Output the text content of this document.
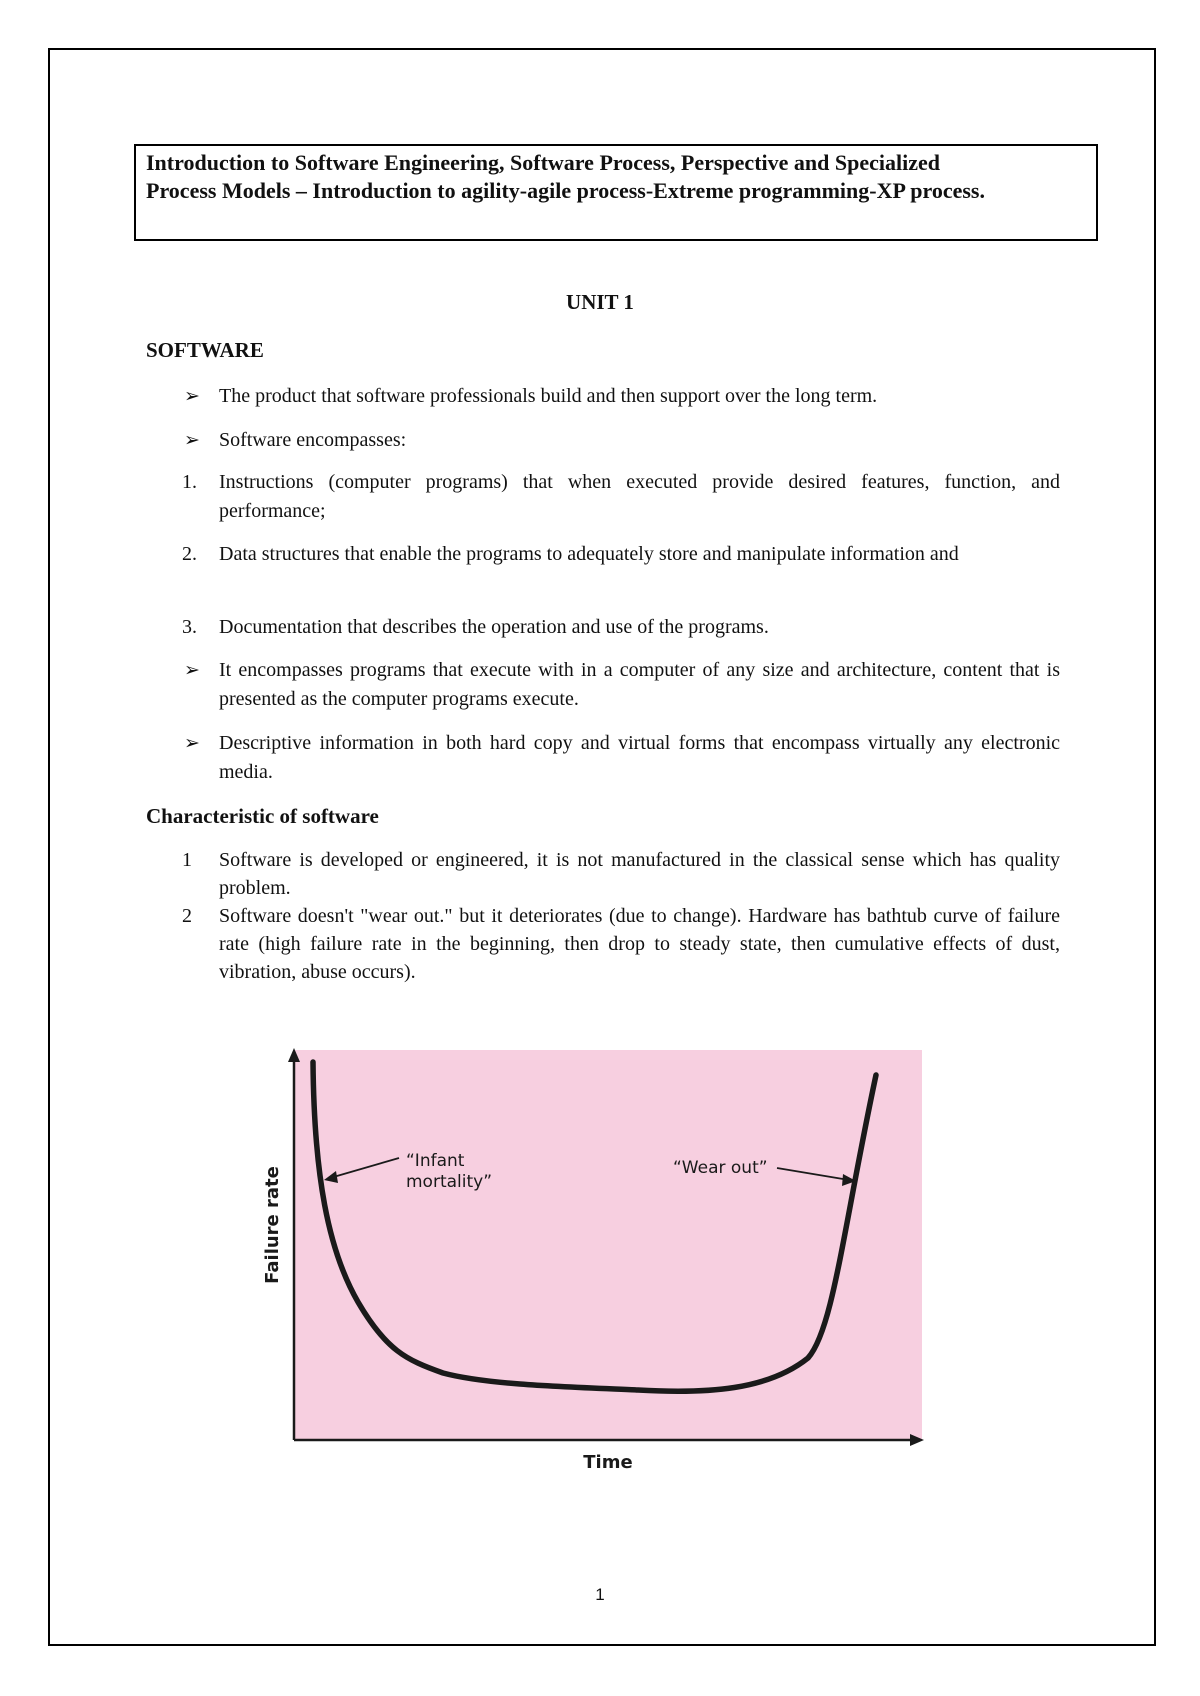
Introduction to Software Engineering, Software Process, Perspective and Specialized
Process Models – Introduction to agility-agile process-Extreme programming-XP process.
UNIT 1
SOFTWARE
➢ The product that software professionals build and then support over the long term.
➢ Software encompasses:
1.	Instructions (computer programs) that when executed provide desired features, function, and performance;
2.	Data structures that enable the programs to adequately store and manipulate information and
3.	Documentation that describes the operation and use of the programs.
➢ It encompasses programs that execute with in a computer of any size and architecture, content that is presented as the computer programs execute.
➢ Descriptive information in both hard copy and virtual forms that encompass virtually any electronic media.
Characteristic of software
1	Software is developed or engineered, it is not manufactured in the classical sense which has quality problem.
2	Software doesn't "wear out." but it deteriorates (due to change). Hardware has bathtub curve of failure rate (high failure rate in the beginning, then drop to steady state, then cumulative effects of dust, vibration, abuse occurs).
“Infant
mortality”
“Wear out”
Time
Failure rate
1
